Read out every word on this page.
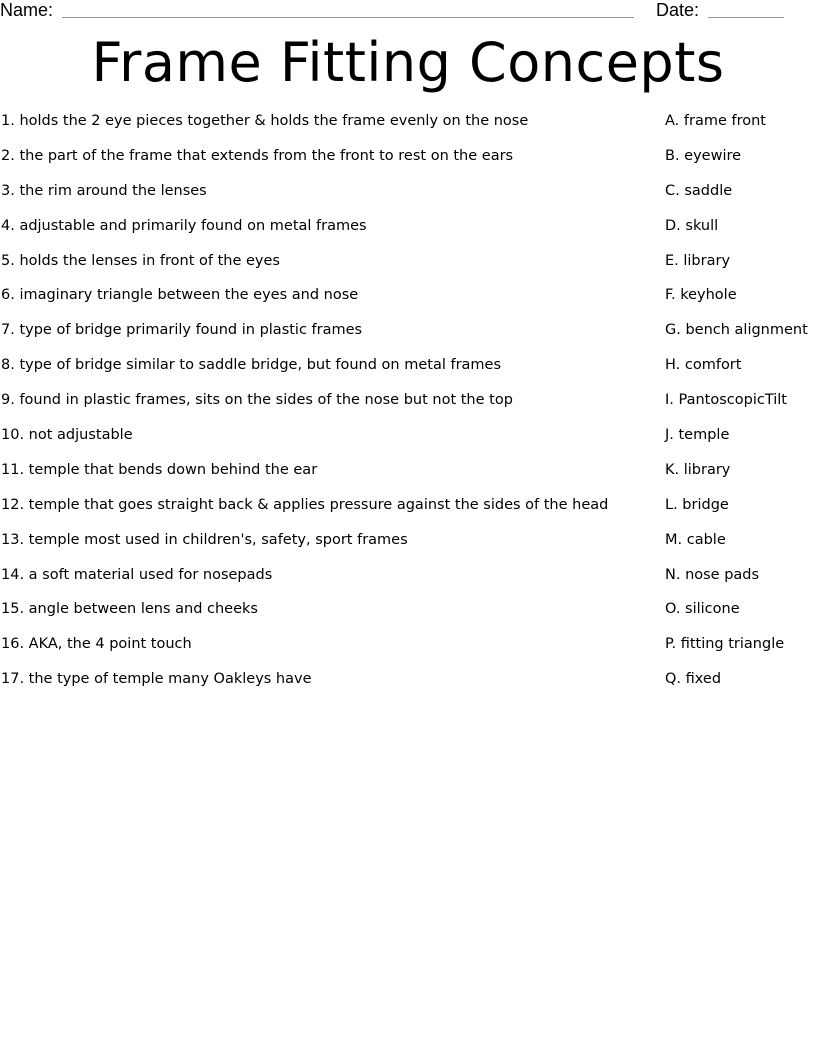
Name:	Date:
Frame Fitting Concepts
1. holds the 2 eye pieces together & holds the frame evenly on the nose	A. frame front
2. the part of the frame that extends from the front to rest on the ears	B. eyewire
3. the rim around the lenses	C. saddle
4. adjustable and primarily found on metal frames	D. skull
5. holds the lenses in front of the eyes	E. library
6. imaginary triangle between the eyes and nose	F. keyhole
7. type of bridge primarily found in plastic frames	G. bench alignment
8. type of bridge similar to saddle bridge, but found on metal frames	H. comfort
9. found in plastic frames, sits on the sides of the nose but not the top	I. PantoscopicTilt
10. not adjustable	J. temple
11. temple that bends down behind the ear	K. library
12. temple that goes straight back & applies pressure against the sides of the head	L. bridge
13. temple most used in children's, safety, sport frames	M. cable
14. a soft material used for nosepads	N. nose pads
15. angle between lens and cheeks	O. silicone
16. AKA, the 4 point touch	P. fitting triangle
17. the type of temple many Oakleys have	Q. fixed
